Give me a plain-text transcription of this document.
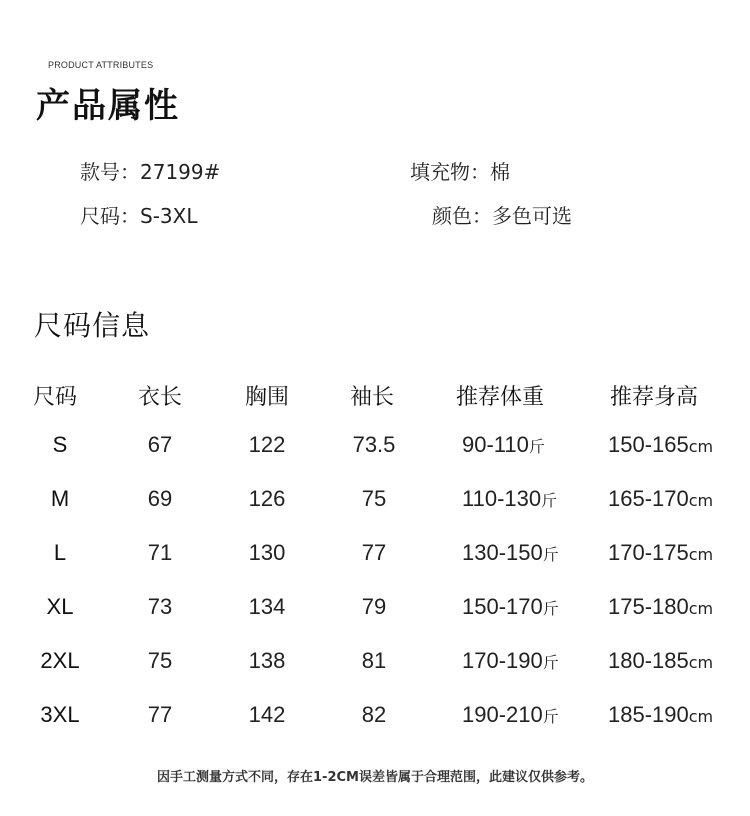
PRODUCT ATTRIBUTES
产品属性
款号：27199#	填充物：棉
尺码：S-3XL	颜色：多色可选
尺码信息
尺码	衣长	胸围	袖长	推荐体重	推荐身高
S	67	122	73.5	90-110斤	150-165cm
M	69	126	75	110-130斤 165-170cm
L	71	130	77	130-150斤 170-175cm
XL	73	134	79	150-170斤 175-180cm
2XL	75	138	81	170-190斤 180-185cm
3XL	77	142	82	190-210斤 185-190cm
因手工测量方式不同，存在1-2CM误差皆属于合理范围，此建议仅供参考。
